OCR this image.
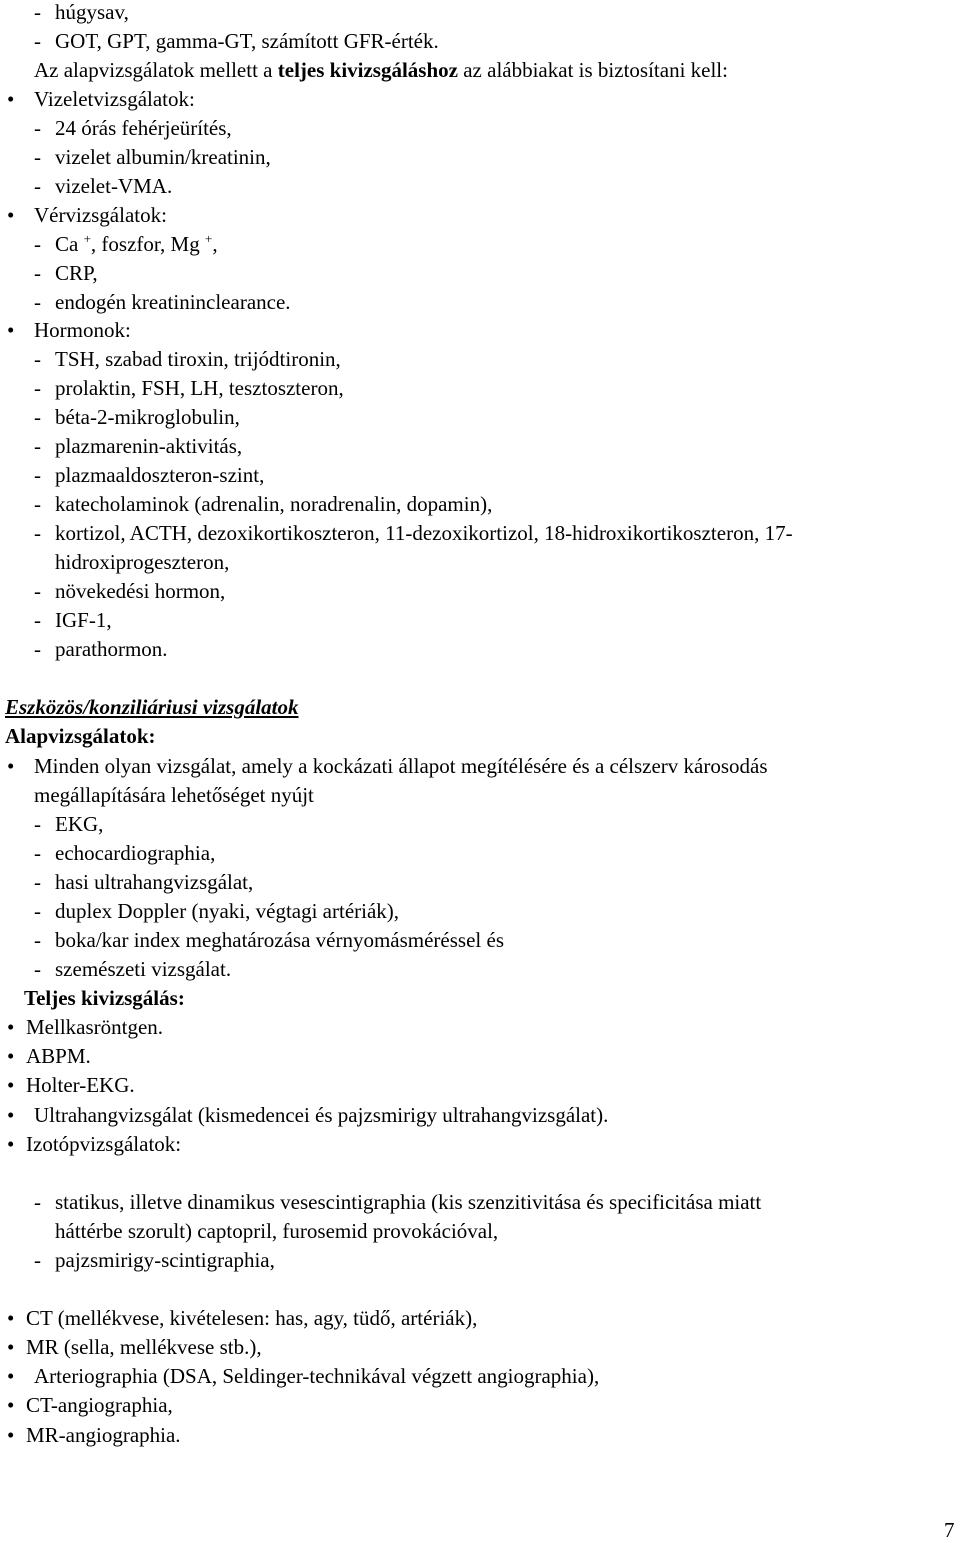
- húgysav,
- GOT, GPT, gamma-GT, számított GFR-érték.
Az alapvizsgálatok mellett a teljes kivizsgáláshoz az alábbiakat is biztosítani kell:
• Vizeletvizsgálatok:
- 24 órás fehérjeürítés,
- vizelet albumin/kreatinin,
- vizelet-VMA.
• Vérvizsgálatok:
- Ca +, foszfor, Mg +,
- CRP,
- endogén kreatininclearance.
• Hormonok:
- TSH, szabad tiroxin, trijódtironin,
- prolaktin, FSH, LH, tesztoszteron,
- béta-2-mikroglobulin,
- plazmarenin-aktivitás,
- plazmaaldoszteron-szint,
- katecholaminok (adrenalin, noradrenalin, dopamin),
- kortizol, ACTH, dezoxikortikoszteron, 11-dezoxikortizol, 18-hidroxikortikoszteron, 17-
hidroxiprogeszteron,
- növekedési hormon,
- IGF-1,
- parathormon.
Eszközös/konziliáriusi vizsgálatok
Alapvizsgálatok:
• Minden olyan vizsgálat, amely a kockázati állapot megítélésére és a célszerv károsodás
megállapítására lehetőséget nyújt
- EKG,
- echocardiographia,
- hasi ultrahangvizsgálat,
- duplex Doppler (nyaki, végtagi artériák),
- boka/kar index meghatározása vérnyomásméréssel és
- szemészeti vizsgálat.
Teljes kivizsgálás:
• Mellkasröntgen.
• ABPM.
• Holter-EKG.
• Ultrahangvizsgálat (kismedencei és pajzsmirigy ultrahangvizsgálat).
• Izotópvizsgálatok:
- statikus, illetve dinamikus vesescintigraphia (kis szenzitivitása és specificitása miatt
háttérbe szorult) captopril, furosemid provokációval,
- pajzsmirigy-scintigraphia,
• CT (mellékvese, kivételesen: has, agy, tüdő, artériák),
• MR (sella, mellékvese stb.),
• Arteriographia (DSA, Seldinger-technikával végzett angiographia),
• CT-angiographia,
• MR-angiographia.
7
